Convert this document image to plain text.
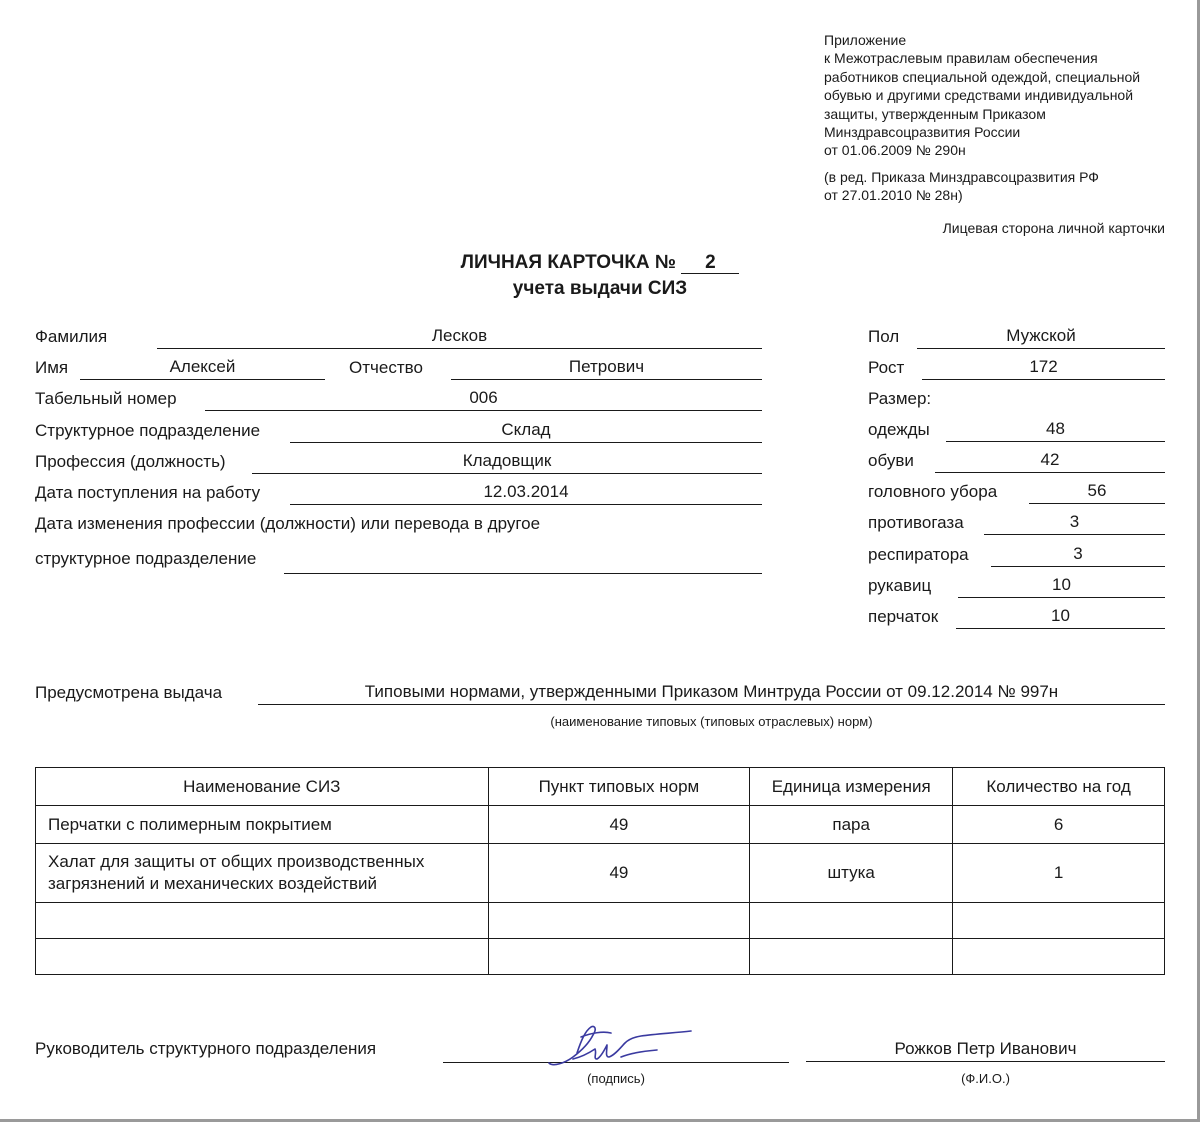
Приложение
к Межотраслевым правилам обеспечения
работников специальной одеждой, специальной
обувью и другими средствами индивидуальной
защиты, утвержденным Приказом
Минздравсоцразвития России
от 01.06.2009 № 290н
(в ред. Приказа Минздравсоцразвития РФ
от 27.01.2010 № 28н)
Лицевая сторона личной карточки
ЛИЧНАЯ КАРТОЧКА № 2
учета выдачи СИЗ
Фамилия	Лесков
Имя	Алексей	Отчество	Петрович
Табельный номер	006
Структурное подразделение	Склад
Профессия (должность)	Кладовщик
Дата поступления на работу	12.03.2014
Дата изменения профессии (должности) или перевода в другое
структурное подразделение
Пол	Мужской
Рост	172
Размер:
одежды	48
обуви	42
головного убора	56
противогаза	3
респиратора	3
рукавиц	10
перчаток	10
Предусмотрена выдача	Типовыми нормами, утвержденными Приказом Минтруда России от 09.12.2014 № 997н
(наименование типовых (типовых отраслевых) норм)
Наименование СИЗ	Пункт типовых норм	Единица измерения	Количество на год
Перчатки с полимерным покрытием	49	пара	6

Халат для защиты от общих производственных
загрязнений и механических воздействий	49	штука	1

Руководитель структурного подразделения
(подпись)
Рожков Петр Иванович
(Ф.И.О.)
